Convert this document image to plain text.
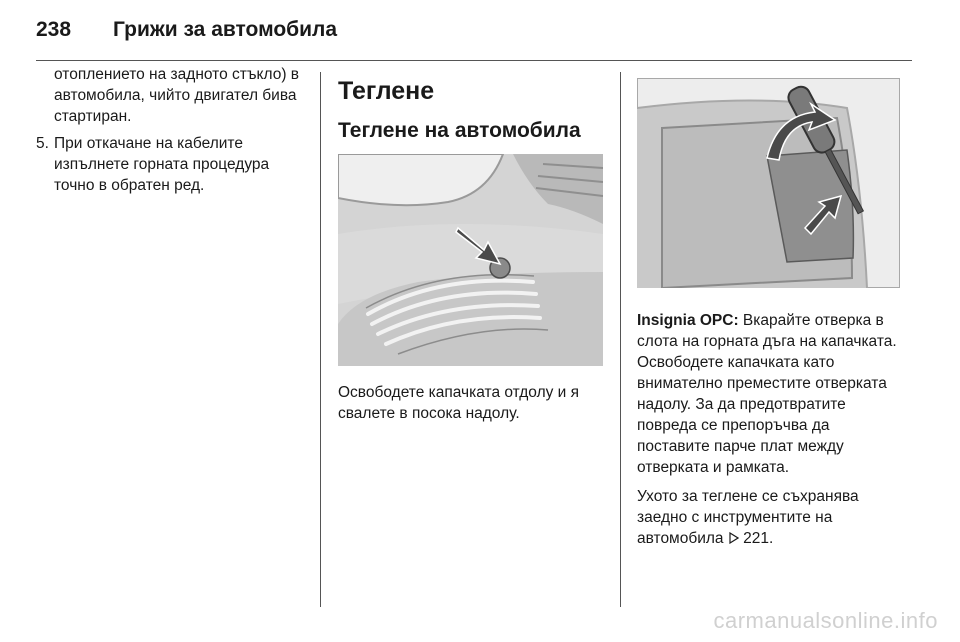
238 Грижи за автомобила

отоплението на задното стъкло) в автомобила, чийто двигател бива стартиран.

5. При откачане на кабелите изпълнете горната процедура точно в обратен ред.
Теглене
Теглене на автомобила
Освободете капачката отдолу и я свалете в посока надолу.

Insignia OPC: Вкарайте отверка в слота на горната дъга на капачката. Освободете капачката като внимателно преместите отверката надолу. За да предотвратите повреда се препоръчва да поставите парче плат между отверката и рамката.

Ухото за теглене се съхранява заедно с инструментите на автомобила  221.

carmanualsonline.info
